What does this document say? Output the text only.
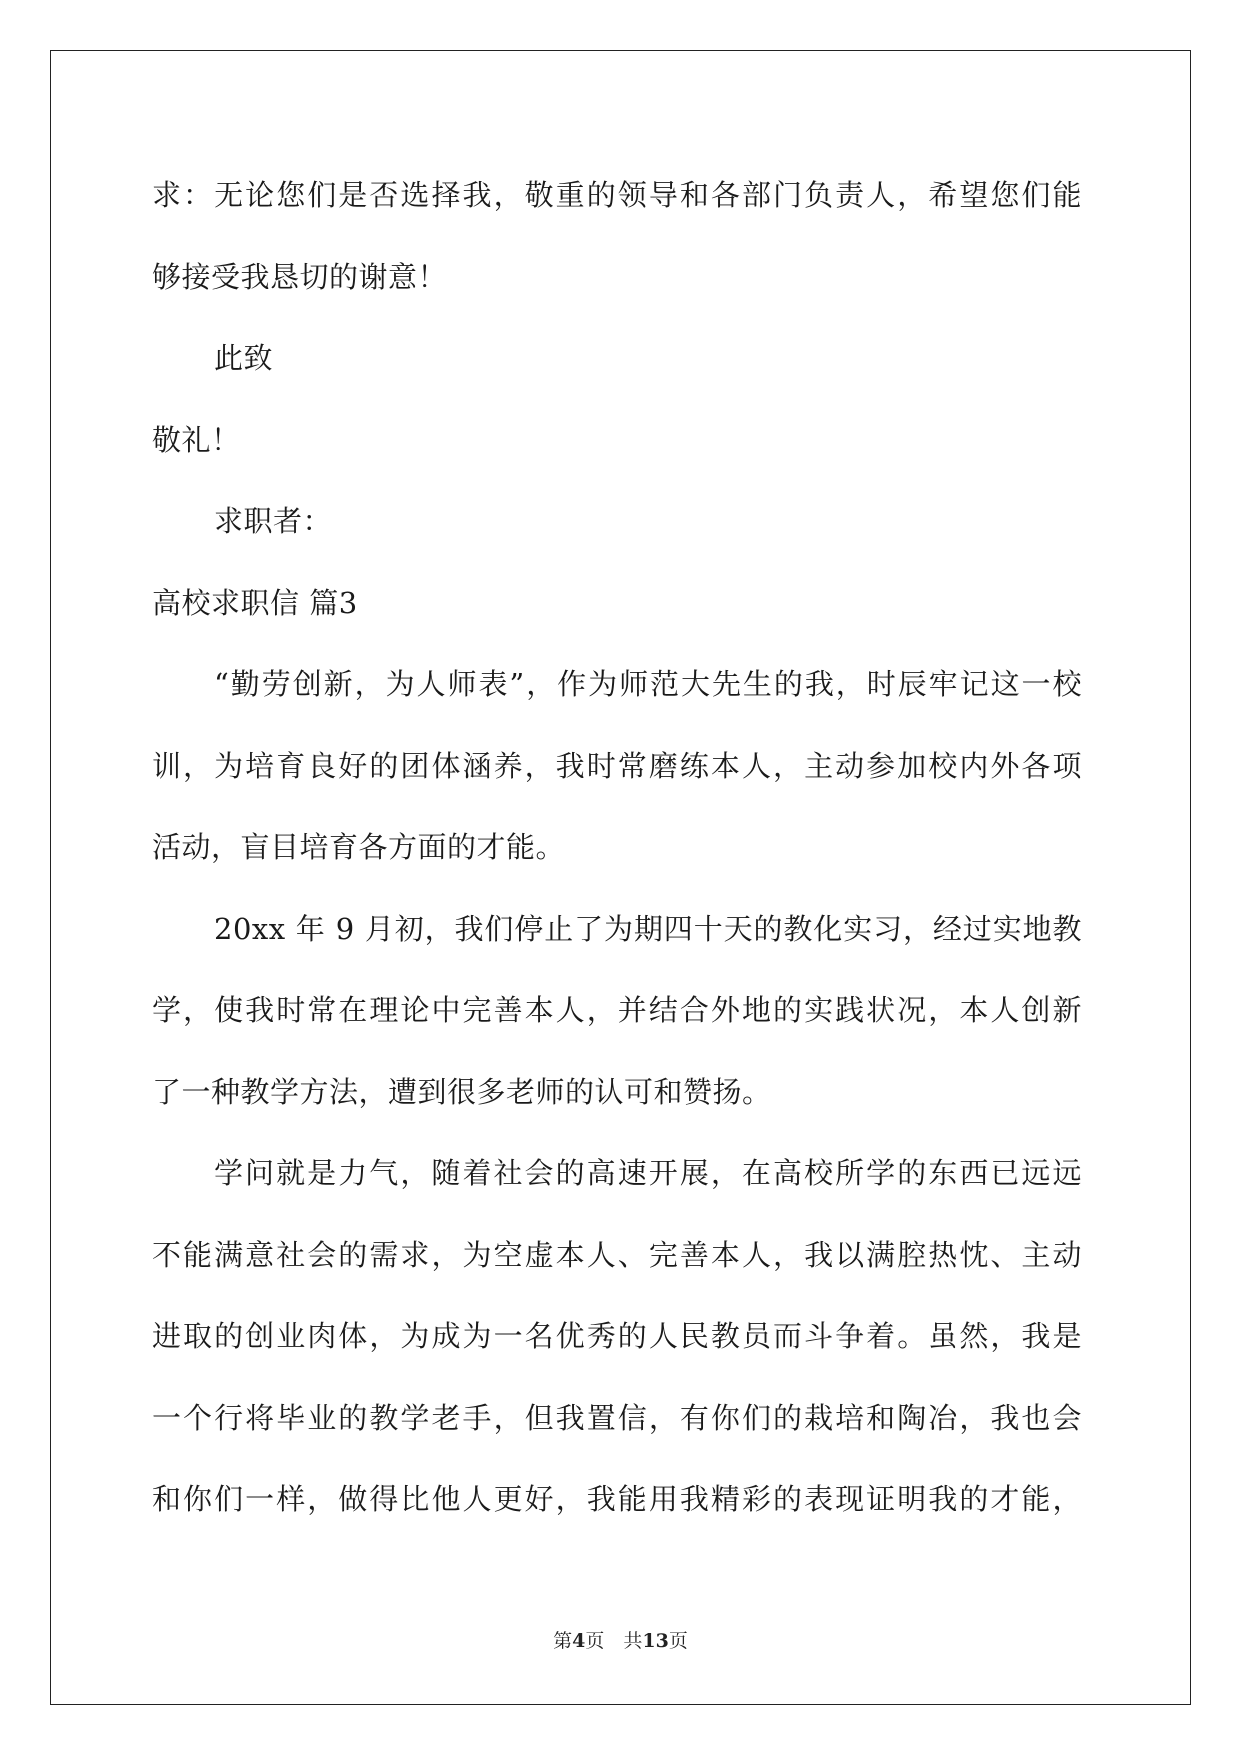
求：无论您们是否选择我，敬重的领导和各部门负责人，希望您们能
够接受我恳切的谢意！
此致
敬礼！
求职者：
高校求职信 篇3
“勤劳创新，为人师表”，作为师范大先生的我，时辰牢记这一校
训，为培育良好的团体涵养，我时常磨练本人，主动参加校内外各项
活动，盲目培育各方面的才能。
20xx 年 9 月初，我们停止了为期四十天的教化实习，经过实地教
学，使我时常在理论中完善本人，并结合外地的实践状况，本人创新
了一种教学方法，遭到很多老师的认可和赞扬。
学问就是力气，随着社会的高速开展，在高校所学的东西已远远
不能满意社会的需求，为空虚本人、完善本人，我以满腔热忱、主动
进取的创业肉体，为成为一名优秀的人民教员而斗争着。虽然，我是
一个行将毕业的教学老手，但我置信，有你们的栽培和陶冶，我也会
和你们一样，做得比他人更好，我能用我精彩的表现证明我的才能，

第4页　共13页
